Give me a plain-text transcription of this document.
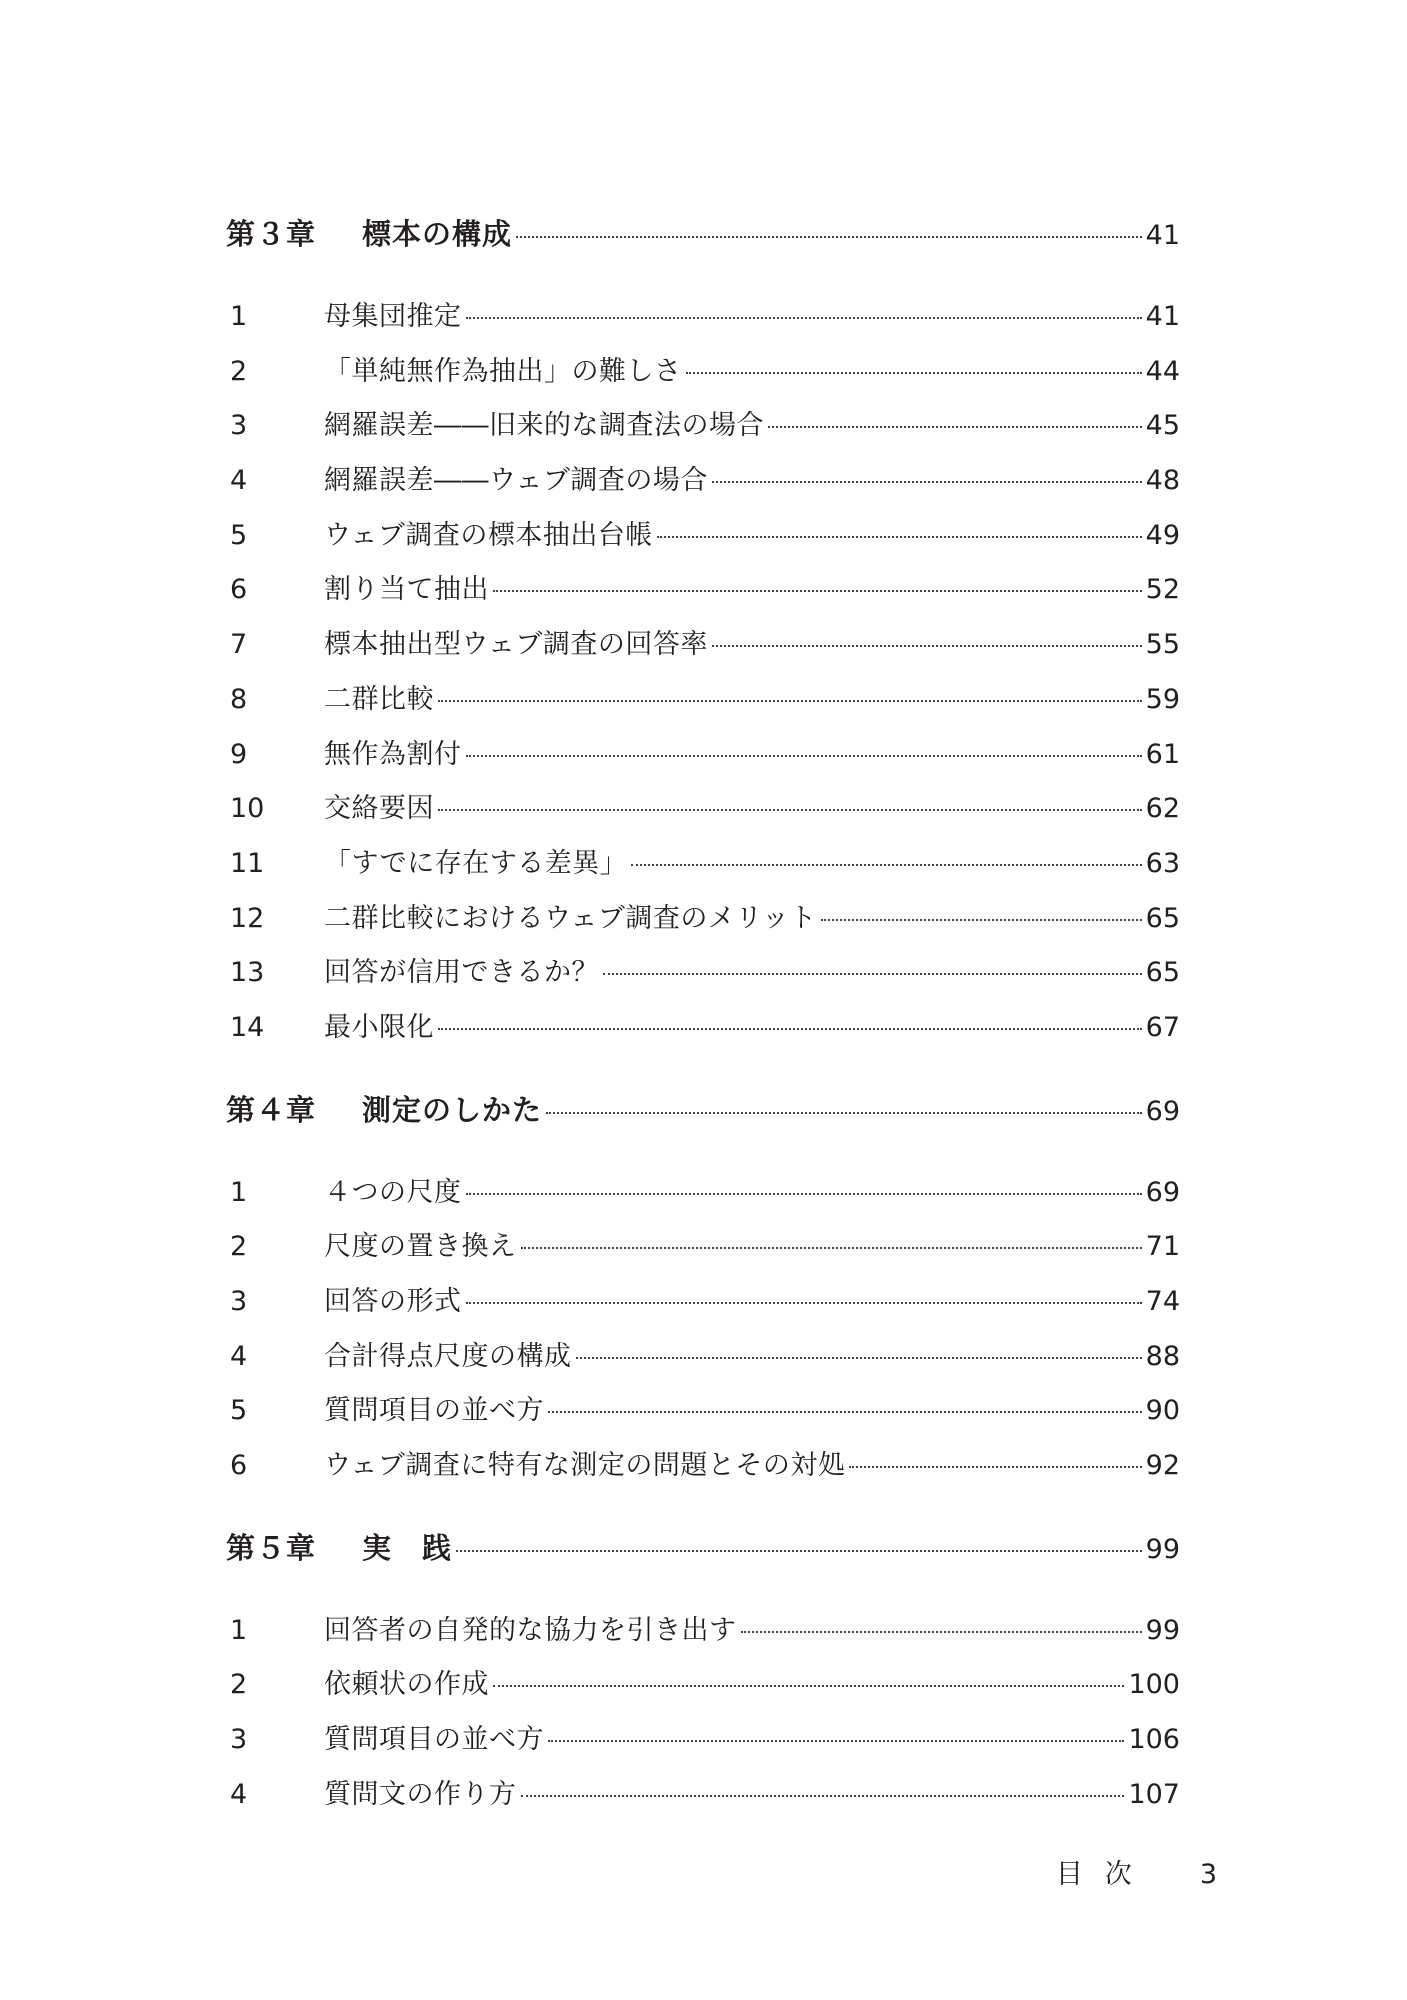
第３章	標本の構成	41
1	母集団推定	41
2	「単純無作為抽出」の難しさ	44
3	網羅誤差――旧来的な調査法の場合	45
4	網羅誤差――ウェブ調査の場合	48
5	ウェブ調査の標本抽出台帳	49
6	割り当て抽出	52
7	標本抽出型ウェブ調査の回答率	55
8	二群比較	59
9	無作為割付	61
10	交絡要因	62
11	「すでに存在する差異」	63
12	二群比較におけるウェブ調査のメリット	65
13	回答が信用できるか？	65
14	最小限化	67
第４章	測定のしかた	69
1	４つの尺度	69
2	尺度の置き換え	71
3	回答の形式	74
4	合計得点尺度の構成	88
5	質問項目の並べ方	90
6	ウェブ調査に特有な測定の問題とその対処	92
第５章	実　践	99
1	回答者の自発的な協力を引き出す	99
2	依頼状の作成	100
3	質問項目の並べ方	106
4	質問文の作り方	107
目次 3
